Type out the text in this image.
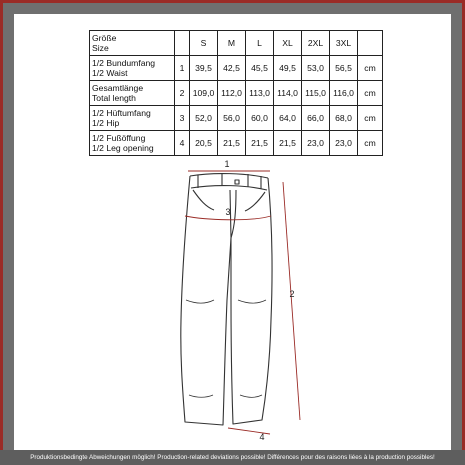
Größe
Size		S	M	L	XL	2XL	3XL	
1/2 Bundumfang
1/2 Waist	1	39,5	42,5	45,5	49,5	53,0	56,5	cm
Gesamtlänge
Total length	2	109,0	112,0	113,0	114,0	115,0	116,0	cm
1/2 Hüftumfang
1/2 Hip	3	52,0	56,0	60,0	64,0	66,0	68,0	cm
1/2 Fußöffung
1/2 Leg opening	4	20,5	21,5	21,5	21,5	23,0	23,0	cm
1
2
3
4
Produktionsbedingte Abweichungen möglich! Production-related deviations possible! Différences pour des raisons liées à la production possibles!
